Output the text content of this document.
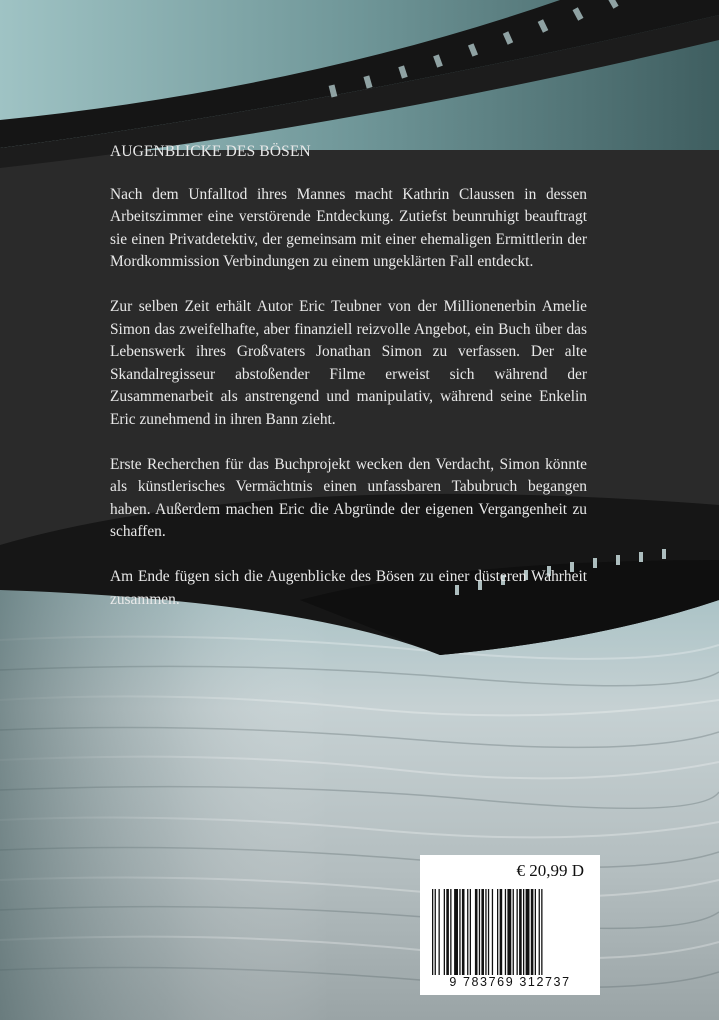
AUGENBLICKE DES BÖSEN

Nach dem Unfalltod ihres Mannes macht Kathrin Claussen in dessen Arbeitszimmer eine verstörende Entdeckung. Zutiefst beunruhigt beauftragt sie einen Privatdetektiv, der gemeinsam mit einer ehemaligen Ermittlerin der Mordkommission Verbindungen zu einem ungeklärten Fall entdeckt.

Zur selben Zeit erhält Autor Eric Teubner von der Millionenerbin Amelie Simon das zweifelhafte, aber finanziell reizvolle Angebot, ein Buch über das Lebenswerk ihres Großvaters Jonathan Simon zu verfassen. Der alte Skandalregisseur abstoßender Filme erweist sich während der Zusammenarbeit als anstrengend und manipulativ, während seine Enkelin Eric zunehmend in ihren Bann zieht.

Erste Recherchen für das Buchprojekt wecken den Verdacht, Simon könnte als künstlerisches Vermächtnis einen unfassbaren Tabubruch begangen haben. Außerdem machen Eric die Abgründe der eigenen Vergangenheit zu schaffen.

Am Ende fügen sich die Augenblicke des Bösen zu einer düsteren Wahrheit zusammen.

€ 20,99 D
9 783769 312737
